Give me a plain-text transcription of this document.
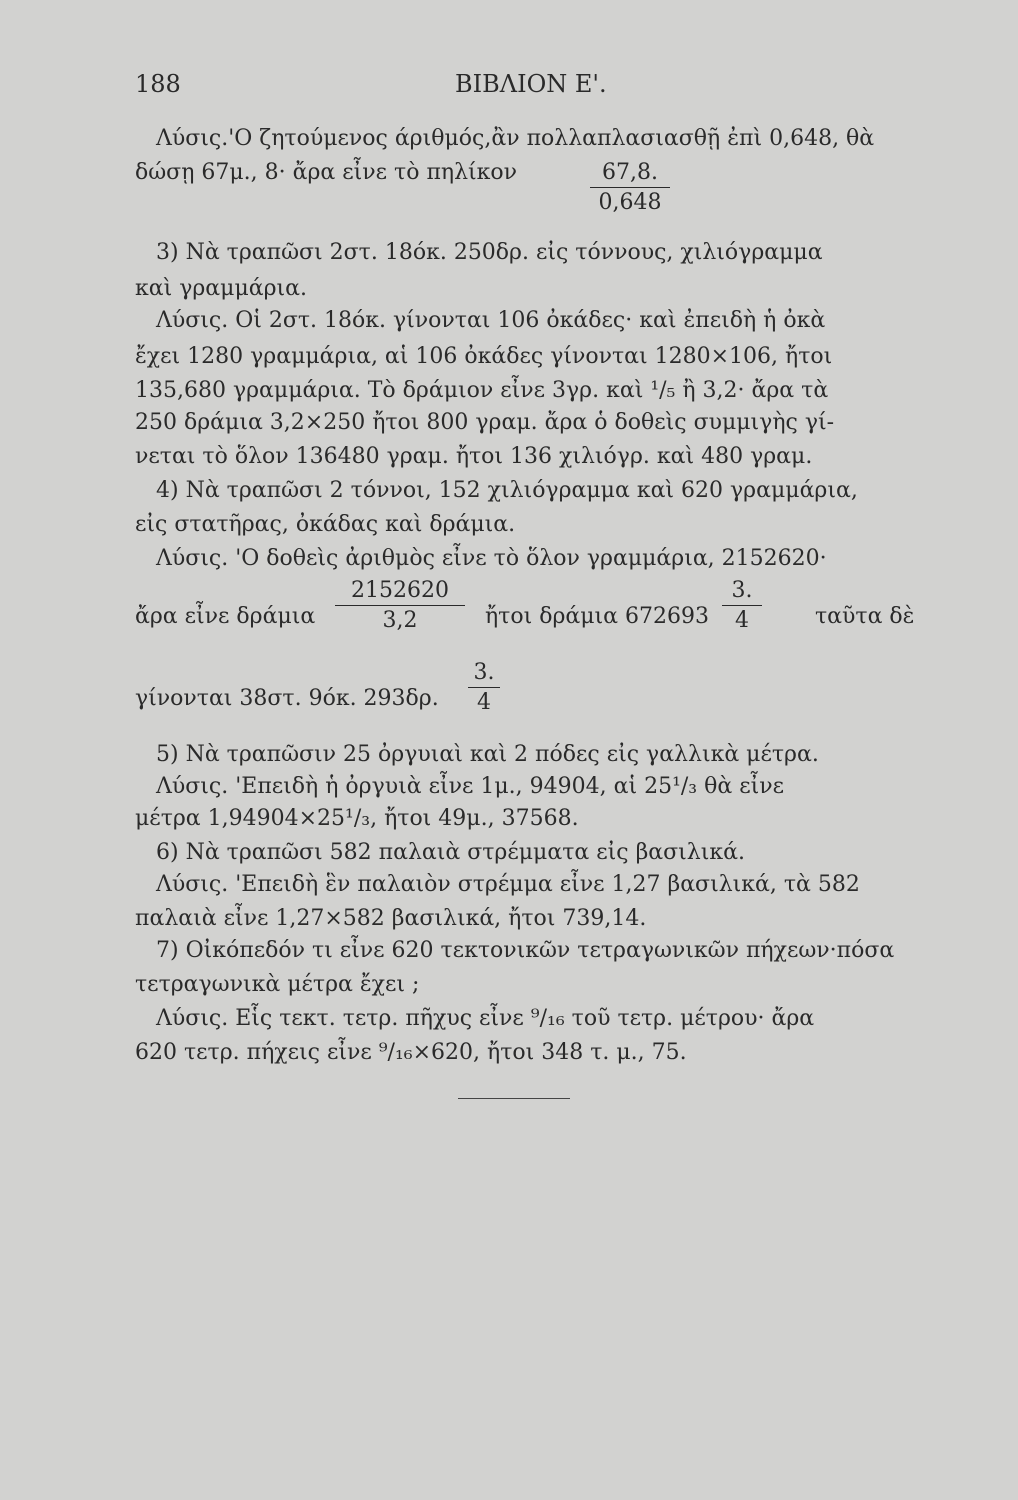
188	ΒΙΒΛΙΟΝ Ε'.
Λύσις.'Ο ζητούμενος άριθμός,ἂν πολλαπλασιασθῇ ἐπὶ 0,648, θὰ
δώσῃ 67μ., 8· ἄρα εἶνε τὸ πηλίκον	67,8.
0,648
3) Νὰ τραπῶσι 2στ. 18όκ. 250δρ. εἰς τόννους, χιλιόγραμμα
καὶ γραμμάρια.
Λύσις. Οἱ 2στ. 18όκ. γίνονται 106 ὀκάδες· καὶ ἐπειδὴ ἡ ὀκὰ
ἔχει 1280 γραμμάρια, αἱ 106 ὀκάδες γίνονται 1280×106, ἤτοι
135,680 γραμμάρια. Τὸ δράμιον εἶνε 3γρ. καὶ ¹/₅ ἢ 3,2· ἄρα τὰ
250 δράμια 3,2×250 ἤτοι 800 γραμ. ἄρα ὁ δοθεὶς συμμιγὴς γί-
νεται τὸ ὅλον 136480 γραμ. ἤτοι 136 χιλιόγρ. καὶ 480 γραμ.
4) Νὰ τραπῶσι 2 τόννοι, 152 χιλιόγραμμα καὶ 620 γραμμάρια,
εἰς στατῆρας, ὀκάδας καὶ δράμια.
Λύσις. 'Ο δοθεὶς ἀριθμὸς εἶνε τὸ ὅλον γραμμάρια, 2152620·
ἄρα εἶνε δράμια
2152620
3,2	ἤτοι δράμια 672693
3.
4	ταῦτα δὲ
γίνονται 38στ. 9όκ. 293δρ.
3.
4
5) Νὰ τραπῶσιν 25 ὀργυιαὶ καὶ 2 πόδες εἰς γαλλικὰ μέτρα.
Λύσις. 'Επειδὴ ἡ ὀργυιὰ εἶνε 1μ., 94904, αἱ 25¹/₃ θὰ εἶνε
μέτρα 1,94904×25¹/₃, ἤτοι 49μ., 37568.
6) Νὰ τραπῶσι 582 παλαιὰ στρέμματα εἰς βασιλικά.
Λύσις. 'Επειδὴ ἓν παλαιὸν στρέμμα εἶνε 1,27 βασιλικά, τὰ 582
παλαιὰ εἶνε 1,27×582 βασιλικά, ἤτοι 739,14.
7) Οἰκόπεδόν τι εἶνε 620 τεκτονικῶν τετραγωνικῶν πήχεων·πόσα
τετραγωνικὰ μέτρα ἔχει ;
Λύσις. Εἷς τεκτ. τετρ. πῆχυς εἶνε ⁹/₁₆ τοῦ τετρ. μέτρου· ἄρα
620 τετρ. πήχεις εἶνε ⁹/₁₆×620, ἤτοι 348 τ. μ., 75.
